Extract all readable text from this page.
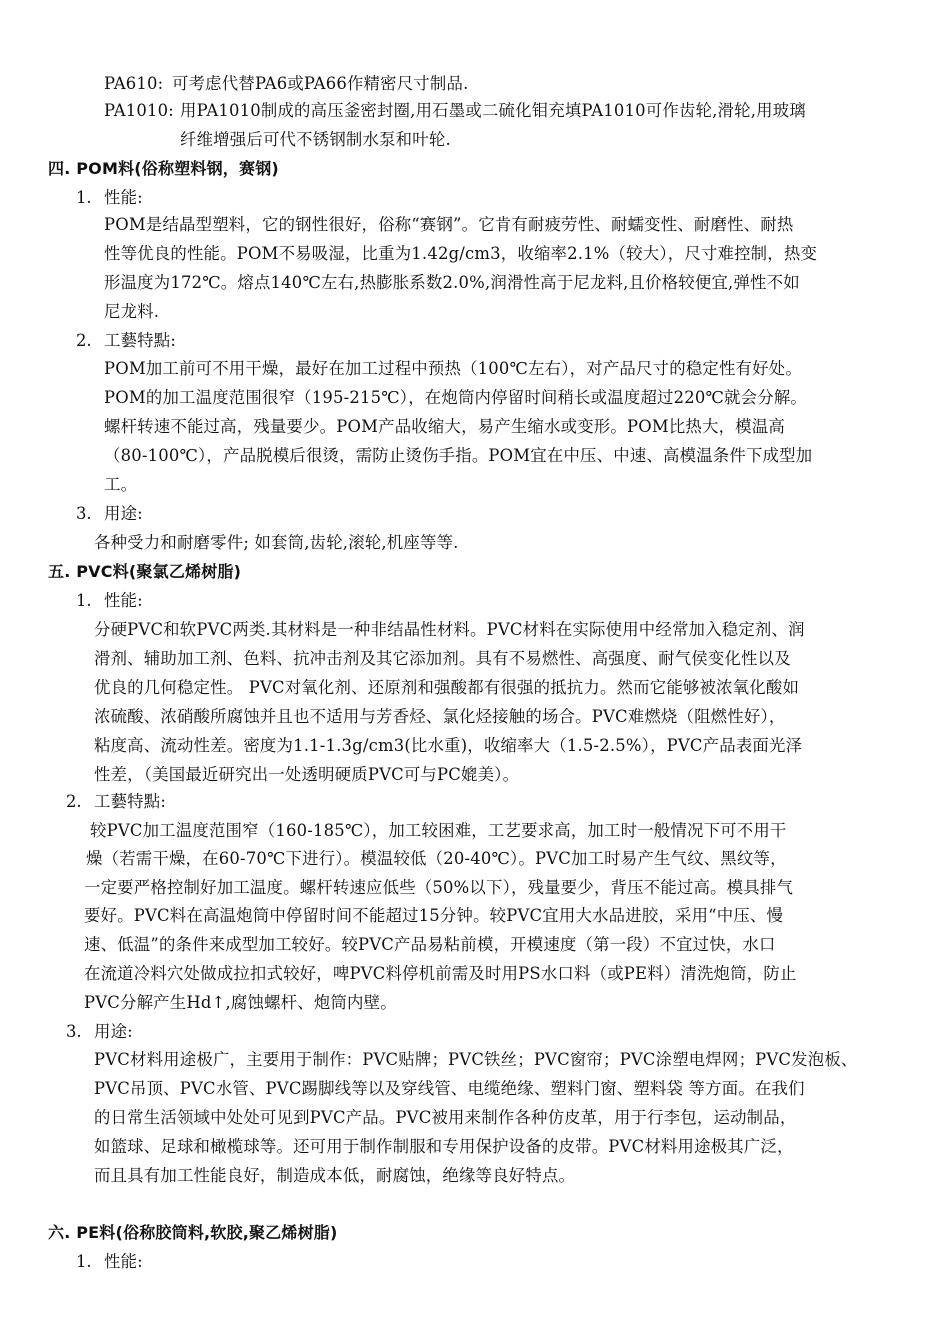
PA610: 可考虑代替PA6或PA66作精密尺寸制品.
PA1010: 用PA1010制成的高压釜密封圈,用石墨或二硫化钼充填PA1010可作齿轮,滑轮,用玻璃
纤维增强后可代不锈钢制水泵和叶轮.
四. POM料(俗称塑料钢，赛钢)
1. 性能:
POM是结晶型塑料，它的钢性很好，俗称“赛钢”。它肯有耐疲劳性、耐蠕变性、耐磨性、耐热
性等优良的性能。POM不易吸湿，比重为1.42g/cm3，收缩率2.1%（较大），尺寸难控制，热变
形温度为172℃。熔点140℃左右,热膨胀系数2.0%,润滑性高于尼龙料,且价格较便宜,弹性不如
尼龙料.
2. 工藝特點:
POM加工前可不用干燥，最好在加工过程中预热（100℃左右），对产品尺寸的稳定性有好处。
POM的加工温度范围很窄（195-215℃），在炮筒内停留时间稍长或温度超过220℃就会分解。
螺杆转速不能过高，残量要少。POM产品收缩大，易产生缩水或变形。POM比热大，模温高
（80-100℃），产品脱模后很烫，需防止烫伤手指。POM宜在中压、中速、高模温条件下成型加
工。
3. 用途:
各种受力和耐磨零件; 如套筒,齿轮,滚轮,机座等等.
五. PVC料(聚氯乙烯树脂)
1. 性能:
分硬PVC和软PVC两类.其材料是一种非结晶性材料。PVC材料在实际使用中经常加入稳定剂、润
滑剂、辅助加工剂、色料、抗冲击剂及其它添加剂。具有不易燃性、高强度、耐气侯变化性以及
优良的几何稳定性。 PVC对氧化剂、还原剂和强酸都有很强的抵抗力。然而它能够被浓氧化酸如
浓硫酸、浓硝酸所腐蚀并且也不适用与芳香烃、氯化烃接触的场合。PVC难燃烧（阻燃性好），
粘度高、流动性差。密度为1.1-1.3g/cm3(比水重)，收缩率大（1.5-2.5%），PVC产品表面光泽
性差，（美国最近研究出一处透明硬质PVC可与PC媲美）。
2. 工藝特點:
较PVC加工温度范围窄（160-185℃），加工较困难，工艺要求高，加工时一般情况下可不用干
燥（若需干燥，在60-70℃下进行）。模温较低（20-40℃）。PVC加工时易产生气纹、黑纹等，
一定要严格控制好加工温度。螺杆转速应低些（50%以下），残量要少，背压不能过高。模具排气
要好。PVC料在高温炮筒中停留时间不能超过15分钟。较PVC宜用大水品进胶，采用“中压、慢
速、低温”的条件来成型加工较好。较PVC产品易粘前模，开模速度（第一段）不宜过快，水口
在流道冷料穴处做成拉扣式较好，啤PVC料停机前需及时用PS水口料（或PE料）清洗炮筒，防止
PVC分解产生Hd↑,腐蚀螺杆、炮筒内壁。
3. 用途:
PVC材料用途极广，主要用于制作：PVC贴牌；PVC铁丝；PVC窗帘；PVC涂塑电焊网；PVC发泡板、
PVC吊顶、PVC水管、PVC踢脚线等以及穿线管、电缆绝缘、塑料门窗、塑料袋 等方面。在我们
的日常生活领域中处处可见到PVC产品。PVC被用来制作各种仿皮革，用于行李包，运动制品，
如篮球、足球和橄榄球等。还可用于制作制服和专用保护设备的皮带。PVC材料用途极其广泛，
而且具有加工性能良好，制造成本低，耐腐蚀，绝缘等良好特点。
六. PE料(俗称胶筒料,软胶,聚乙烯树脂)
1. 性能:
